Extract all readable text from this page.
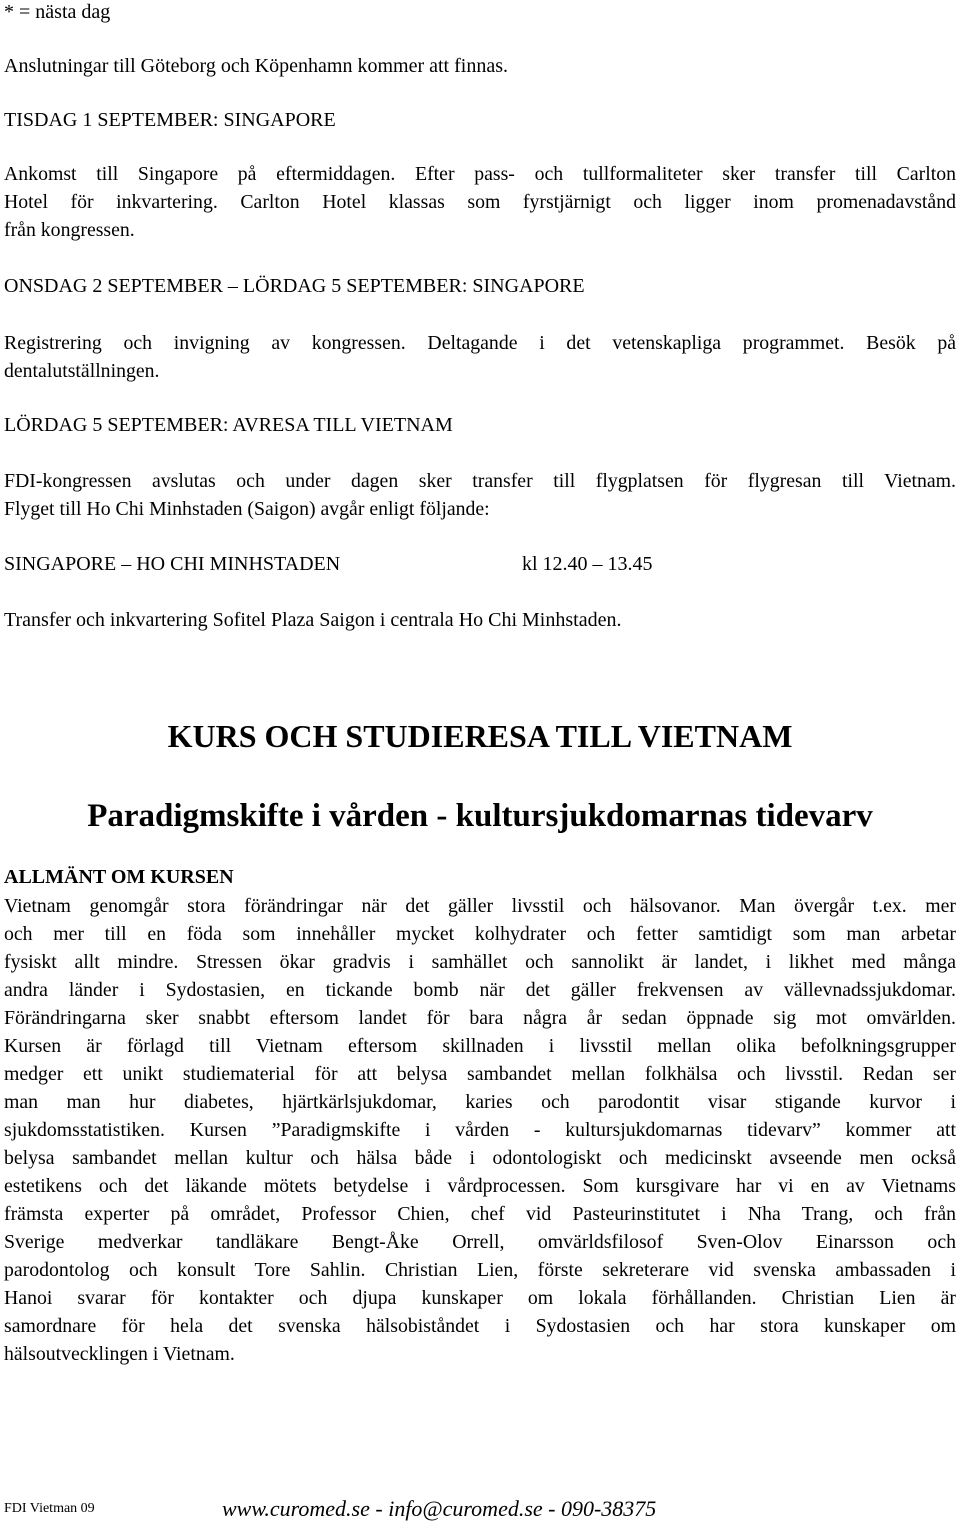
* = nästa dag

Anslutningar till Göteborg och Köpenhamn kommer att finnas.

TISDAG 1 SEPTEMBER: SINGAPORE

Ankomst till Singapore på eftermiddagen. Efter pass- och tullformaliteter sker transfer till Carlton
Hotel för inkvartering. Carlton Hotel klassas som fyrstjärnigt och ligger inom promenadavstånd
från kongressen.

ONSDAG 2 SEPTEMBER – LÖRDAG 5 SEPTEMBER: SINGAPORE

Registrering och invigning av kongressen. Deltagande i det vetenskapliga programmet. Besök på
dentalutställningen.

LÖRDAG 5 SEPTEMBER: AVRESA TILL VIETNAM

FDI-kongressen avslutas och under dagen sker transfer till flygplatsen för flygresan till Vietnam.
Flyget till Ho Chi Minhstaden (Saigon) avgår enligt följande:

SINGAPORE – HO CHI MINHSTADEN	kl 12.40 – 13.45

Transfer och inkvartering Sofitel Plaza Saigon i centrala Ho Chi Minhstaden.

KURS OCH STUDIERESA TILL VIETNAM
Paradigmskifte i vården - kultursjukdomarnas tidevarv
ALLMÄNT OM KURSEN
Vietnam genomgår stora förändringar när det gäller livsstil och hälsovanor. Man övergår t.ex. mer
och mer till en föda som innehåller mycket kolhydrater och fetter samtidigt som man arbetar
fysiskt allt mindre. Stressen ökar gradvis i samhället och sannolikt är landet, i likhet med många
andra länder i Sydostasien, en tickande bomb när det gäller frekvensen av vällevnadssjukdomar.
Förändringarna sker snabbt eftersom landet för bara några år sedan öppnade sig mot omvärlden.
Kursen är förlagd till Vietnam eftersom skillnaden i livsstil mellan olika befolkningsgrupper
medger ett unikt studiematerial för att belysa sambandet mellan folkhälsa och livsstil. Redan ser
man man hur diabetes, hjärtkärlsjukdomar, karies och parodontit visar stigande kurvor i
sjukdomsstatistiken. Kursen ”Paradigmskifte i vården - kultursjukdomarnas tidevarv” kommer att
belysa sambandet mellan kultur och hälsa både i odontologiskt och medicinskt avseende men också
estetikens och det läkande mötets betydelse i vårdprocessen. Som kursgivare har vi en av Vietnams
främsta experter på området, Professor Chien, chef vid Pasteurinstitutet i Nha Trang, och från
Sverige medverkar tandläkare Bengt-Åke Orrell, omvärldsfilosof Sven-Olov Einarsson och
parodontolog och konsult Tore Sahlin. Christian Lien, förste sekreterare vid svenska ambassaden i
Hanoi svarar för kontakter och djupa kunskaper om lokala förhållanden. Christian Lien är
samordnare för hela det svenska hälsobiståndet i Sydostasien och har stora kunskaper om
hälsoutvecklingen i Vietnam.

FDI Vietman 09	www.curomed.se - info@curomed.se - 090-38375
